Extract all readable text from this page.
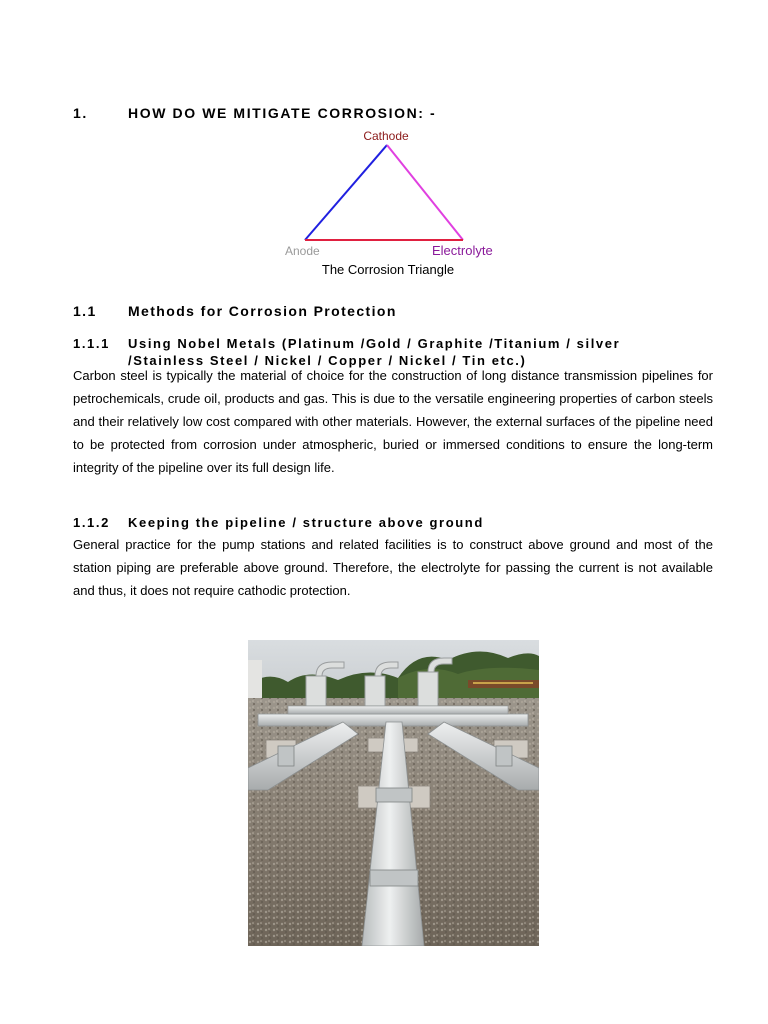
1.	HOW DO WE MITIGATE CORROSION: -
Cathode
Anode	Electrolyte
The Corrosion Triangle
1.1 Methods for Corrosion Protection
1.1.1 Using Nobel Metals (Platinum /Gold / Graphite /Titanium / silver
/Stainless Steel / Nickel / Copper / Nickel / Tin etc.)
Carbon steel is typically the material of choice for the construction of long distance transmission pipelines for petrochemicals, crude oil, products and gas. This is due to the versatile engineering properties of carbon steels and their relatively low cost compared with other materials. However, the external surfaces of the pipeline need to be protected from corrosion under atmospheric, buried or immersed conditions to ensure the long-term integrity of the pipeline over its full design life.
1.1.2 Keeping the pipeline / structure above ground
General practice for the pump stations and related facilities is to construct above ground and most of the station piping are preferable above ground. Therefore, the electrolyte for passing the current is not available and thus, it does not require cathodic protection.
